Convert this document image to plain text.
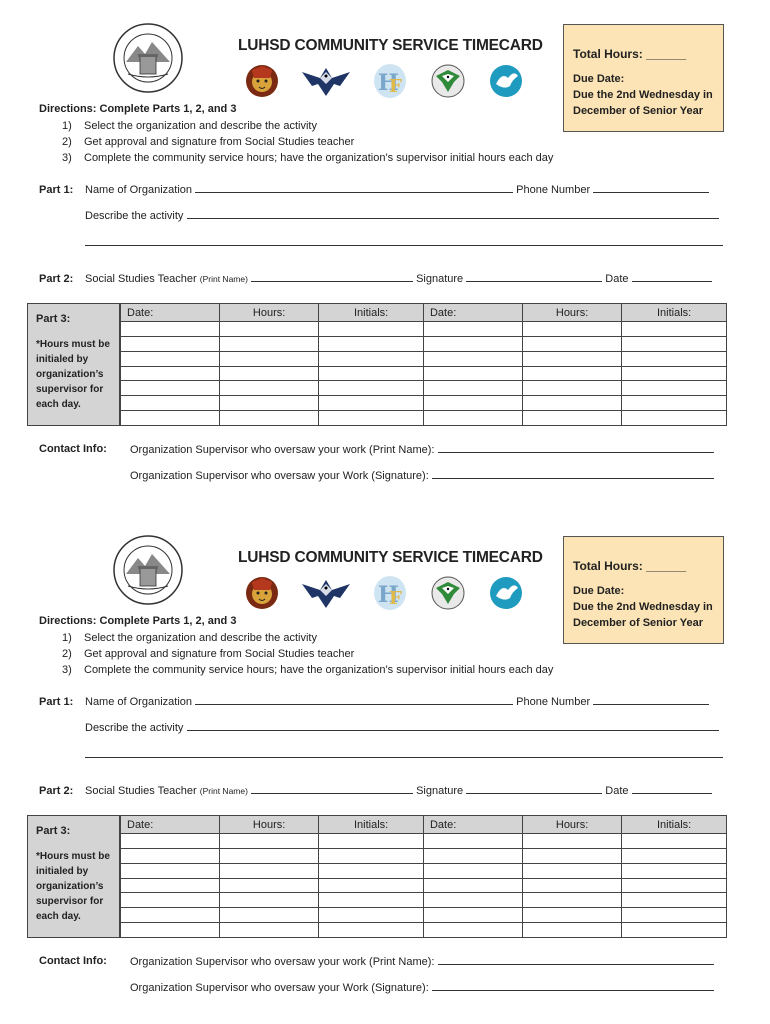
LUHSD COMMUNITY SERVICE TIMECARD	Total Hours: ______
Due Date:
Due the 2nd Wednesday in
December of Senior Year
Directions: Complete Parts 1, 2, and 3
1) Select the organization and describe the activity
2) Get approval and signature from Social Studies teacher
3) Complete the community service hours; have the organization’s supervisor initial hours each day
Part 1: Name of Organization	Phone Number
Describe the activity
Part 2: Social Studies Teacher (Print Name)	Signature	Date
Part 3:
*Hours must be initialed by organization’s supervisor for each day.
Date:	Hours:	Initials:	Date:	Hours:	Initials:

Contact Info: Organization Supervisor who oversaw your work (Print Name):
Organization Supervisor who oversaw your Work (Signature):
LUHSD COMMUNITY SERVICE TIMECARD	Total Hours: ______
Due Date:
Due the 2nd Wednesday in
December of Senior Year
Directions: Complete Parts 1, 2, and 3
1) Select the organization and describe the activity
2) Get approval and signature from Social Studies teacher
3) Complete the community service hours; have the organization’s supervisor initial hours each day
Part 1: Name of Organization	Phone Number
Describe the activity
Part 2: Social Studies Teacher (Print Name)	Signature	Date
Part 3:
*Hours must be initialed by organization’s supervisor for each day.
Date:	Hours:	Initials:	Date:	Hours:	Initials:

Contact Info: Organization Supervisor who oversaw your work (Print Name):
Organization Supervisor who oversaw your Work (Signature):
